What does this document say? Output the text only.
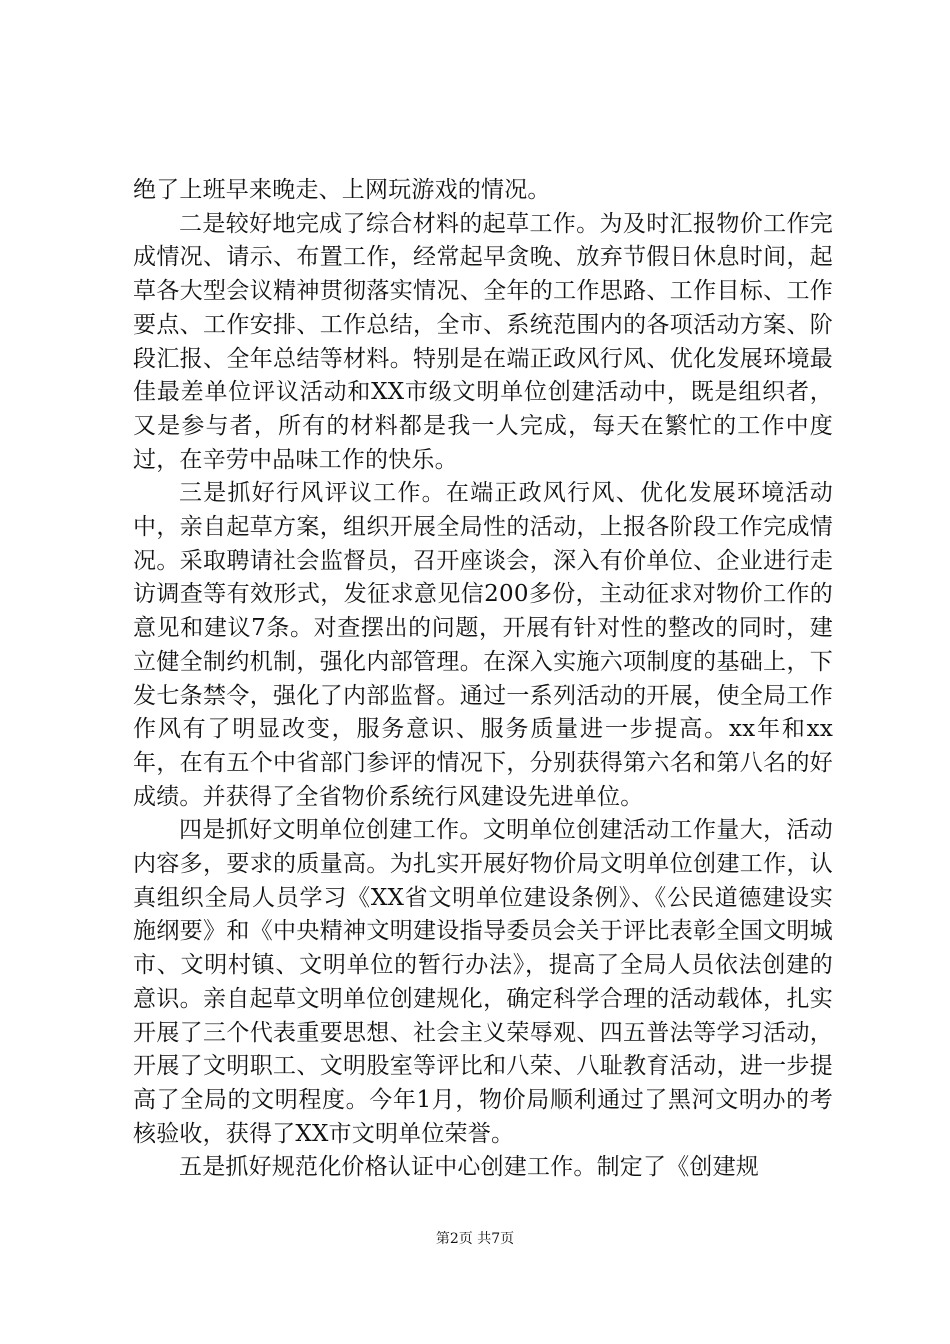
绝了上班早来晚走、上网玩游戏的情况。

二是较好地完成了综合材料的起草工作。为及时汇报物价工作完成情况、请示、布置工作，经常起早贪晚、放弃节假日休息时间，起草各大型会议精神贯彻落实情况、全年的工作思路、工作目标、工作要点、工作安排、工作总结，全市、系统范围内的各项活动方案、阶段汇报、全年总结等材料。特别是在端正政风行风、优化发展环境最佳最差单位评议活动和XX市级文明单位创建活动中，既是组织者，又是参与者，所有的材料都是我一人完成，每天在繁忙的工作中度过，在辛劳中品味工作的快乐。

三是抓好行风评议工作。在端正政风行风、优化发展环境活动中，亲自起草方案，组织开展全局性的活动，上报各阶段工作完成情况。采取聘请社会监督员，召开座谈会，深入有价单位、企业进行走访调查等有效形式，发征求意见信200多份，主动征求对物价工作的意见和建议7条。对查摆出的问题，开展有针对性的整改的同时，建立健全制约机制，强化内部管理。在深入实施六项制度的基础上，下发七条禁令，强化了内部监督。通过一系列活动的开展，使全局工作作风有了明显改变，服务意识、服务质量进一步提高。xx年和xx年，在有五个中省部门参评的情况下，分别获得第六名和第八名的好成绩。并获得了全省物价系统行风建设先进单位。

四是抓好文明单位创建工作。文明单位创建活动工作量大，活动内容多，要求的质量高。为扎实开展好物价局文明单位创建工作，认真组织全局人员学习《XX省文明单位建设条例》、《公民道德建设实施纲要》和《中央精神文明建设指导委员会关于评比表彰全国文明城市、文明村镇、文明单位的暂行办法》，提高了全局人员依法创建的意识。亲自起草文明单位创建规化，确定科学合理的活动载体，扎实开展了三个代表重要思想、社会主义荣辱观、四五普法等学习活动，开展了文明职工、文明股室等评比和八荣、八耻教育活动，进一步提高了全局的文明程度。今年1月，物价局顺利通过了黑河文明办的考核验收，获得了XX市文明单位荣誉。

五是抓好规范化价格认证中心创建工作。制定了《创建规

第2页 共7页
